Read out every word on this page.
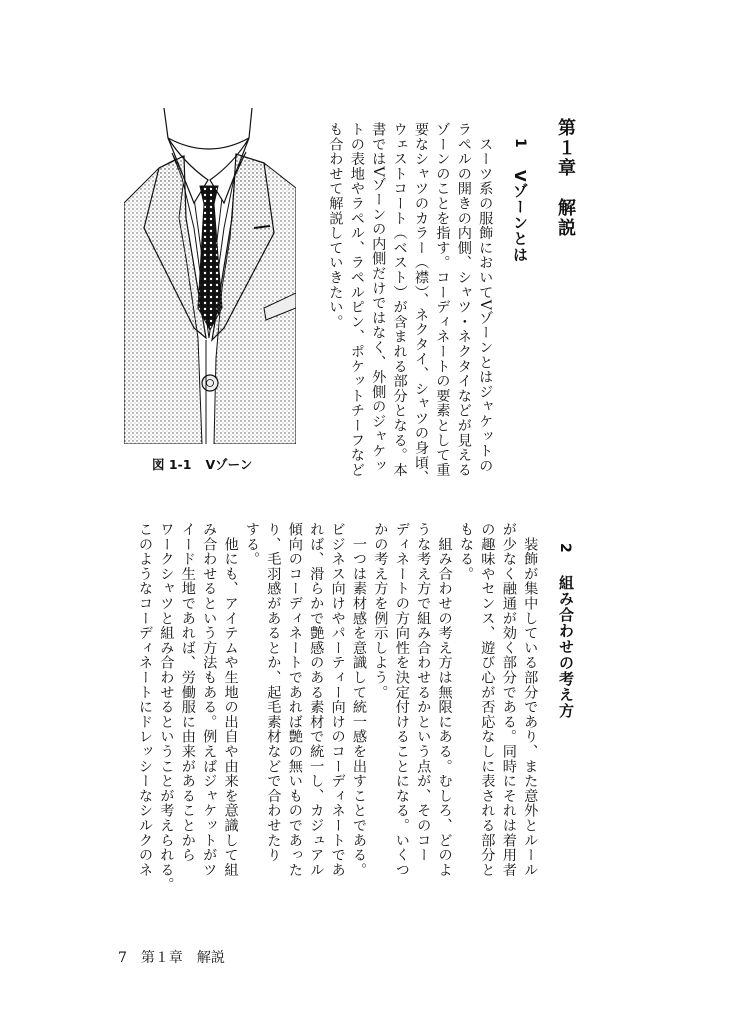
第１章　解説
1
Vゾーンとは
　スーツ系の服飾においてVゾーンとはジャケットの
ラペルの開きの内側、シャツ・ネクタイなどが見える
ゾーンのことを指す。コーディネートの要素として重
要なシャツのカラー（襟）、ネクタイ、シャツの身頃、
ウェストコート（ベスト）が含まれる部分となる。本
書ではVゾーンの内側だけではなく、外側のジャケッ
トの表地やラペル、ラペルピン、ポケットチーフなど
も合わせて解説していきたい。
図 1-1 Vゾーン
2
組み合わせの考え方
　装飾が集中している部分であり、また意外とルール
が少なく融通が効く部分である。同時にそれは着用者
の趣味やセンス、遊び心が否応なしに表される部分と
もなる。
　組み合わせの考え方は無限にある。むしろ、どのよ
うな考え方で組み合わせるかという点が、そのコー
ディネートの方向性を決定付けることになる。いくつ
かの考え方を例示しよう。
　一つは素材感を意識して統一感を出すことである。
ビジネス向けやパーティー向けのコーディネートであ
れば、滑らかで艶感のある素材で統一し、カジュアル
傾向のコーディネートであれば艶の無いものであった
り、毛羽感があるとか、起毛素材などで合わせたり
する。
　他にも、アイテムや生地の出自や由来を意識して組
み合わせるという方法もある。例えばジャケットがツ
イード生地であれば、労働服に由来があることから
ワークシャツと組み合わせるということが考えられる。
このようなコーディネートにドレッシーなシルクのネ
7 第１章　解説
